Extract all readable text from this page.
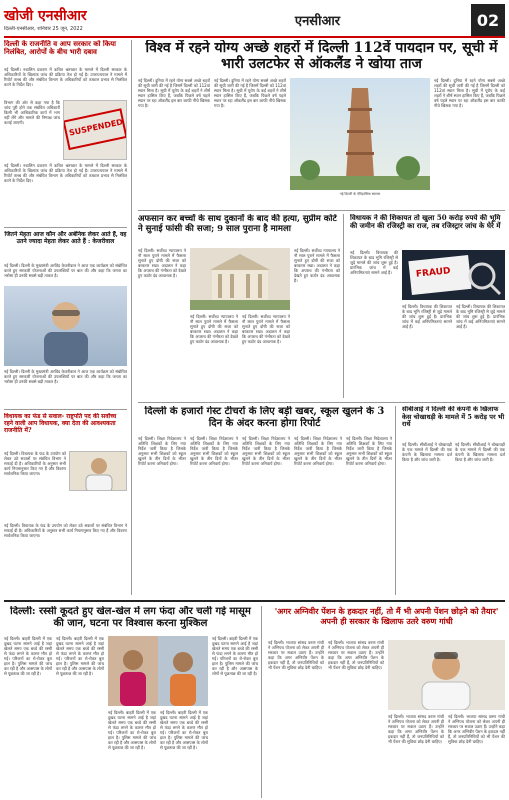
खोजी एनसीआर
दिल्ली-एनसीआर, शनिवार 25 जून, 2022	एनसीआर	02
दिल्ली के राजनीति व आप सरकार को किया निलंबित, आरोपों के बीच भारी दबाव
नई दिल्ली। नबालिग प्रकरण में कथित भ्रष्टाचार के मामले में दिल्ली सरकार के अधिकारियों के खिलाफ जांच की प्रक्रिया तेज हो गई है। उपराज्यपाल ने मामले में रिपोर्ट तलब की और संबंधित विभाग के अधिकारियों को तत्काल प्रभाव से निलंबित करने के निर्देश दिए।
विभाग की ओर से कहा गया है कि जांच पूरी होने तक संबंधित अधिकारी किसी भी आधिकारिक कार्य में भाग नहीं लेंगे और मामले की निष्पक्ष जांच कराई जाएगी।	SUSPENDED
नई दिल्ली। नबालिग प्रकरण में कथित भ्रष्टाचार के मामले में दिल्ली सरकार के अधिकारियों के खिलाफ जांच की प्रक्रिया तेज हो गई है। उपराज्यपाल ने मामले में रिपोर्ट तलब की और संबंधित विभाग के अधिकारियों को तत्काल प्रभाव से निलंबित करने के निर्देश दिए।
जितने मेहता आज कौन और अर्बनिक लेकर आते हैं, वह उतने ज्यादा मेहता लेकर आते हैं : केजरीवाल
नई दिल्ली। दिल्ली के मुख्यमंत्री अरविंद केजरीवाल ने आज एक कार्यक्रम को संबोधित करते हुए सरकारी योजनाओं की उपलब्धियों पर बात की और कहा कि जनता का भरोसा ही उनकी सबसे बड़ी ताकत है।
नई दिल्ली। दिल्ली के मुख्यमंत्री अरविंद केजरीवाल ने आज एक कार्यक्रम को संबोधित करते हुए सरकारी योजनाओं की उपलब्धियों पर बात की और कहा कि जनता का भरोसा ही उनकी सबसे बड़ी ताकत है।
विधायक का फंड से सवाल- राष्ट्रपति पद की सर्वोच्च रहने वाली आप विधायक, क्या देता की आवश्यकता राजनीति में?
नई दिल्ली। विधायक के फंड के उपयोग को लेकर उठे सवालों पर संबंधित विभाग ने सफाई दी है। अधिकारियों के अनुसार सभी कार्य नियमानुसार किए गए हैं और विवरण सार्वजनिक किया जाएगा।
नई दिल्ली। विधायक के फंड के उपयोग को लेकर उठे सवालों पर संबंधित विभाग ने सफाई दी है। अधिकारियों के अनुसार सभी कार्य नियमानुसार किए गए हैं और विवरण सार्वजनिक किया जाएगा।
विश्व में रहने योग्य अच्छे शहरों में दिल्ली 112वें पायदान पर, सूची में भारी उलटफेर से ऑकलैंड ने खोया ताज
नई दिल्ली। दुनिया में रहने योग्य सबसे अच्छे शहरों की सूची जारी की गई है जिसमें दिल्ली को 112वां स्थान मिला है। सूची में यूरोप के कई शहरों ने शीर्ष स्थान हासिल किए हैं, जबकि पिछले वर्ष पहले स्थान पर रहा ऑकलैंड इस बार काफी नीचे खिसक गया है।
नई दिल्ली। दुनिया में रहने योग्य सबसे अच्छे शहरों की सूची जारी की गई है जिसमें दिल्ली को 112वां स्थान मिला है। सूची में यूरोप के कई शहरों ने शीर्ष स्थान हासिल किए हैं, जबकि पिछले वर्ष पहले स्थान पर रहा ऑकलैंड इस बार काफी नीचे खिसक गया है।
नई दिल्ली के ऐतिहासिक स्मारक
नई दिल्ली। दुनिया में रहने योग्य सबसे अच्छे शहरों की सूची जारी की गई है जिसमें दिल्ली को 112वां स्थान मिला है। सूची में यूरोप के कई शहरों ने शीर्ष स्थान हासिल किए हैं, जबकि पिछले वर्ष पहले स्थान पर रहा ऑकलैंड इस बार काफी नीचे खिसक गया है।
अफसान कर बच्चों के साथ दुकानों के बाद की हत्या, सुप्रीम कोर्ट ने सुनाई फांसी की सजा; 9 साल पुराना है मामला
नई दिल्ली। सर्वोच्च न्यायालय ने नौ साल पुराने मामले में फैसला सुनाते हुए दोषी की सजा को बरकरार रखा। अदालत ने कहा कि अपराध की गंभीरता को देखते हुए कठोर दंड आवश्यक है।
नई दिल्ली। सर्वोच्च न्यायालय ने नौ साल पुराने मामले में फैसला सुनाते हुए दोषी की सजा को बरकरार रखा। अदालत ने कहा कि अपराध की गंभीरता को देखते हुए कठोर दंड आवश्यक है।
नई दिल्ली। सर्वोच्च न्यायालय ने नौ साल पुराने मामले में फैसला सुनाते हुए दोषी की सजा को बरकरार रखा। अदालत ने कहा कि अपराध की गंभीरता को देखते हुए कठोर दंड आवश्यक है।
नई दिल्ली। सर्वोच्च न्यायालय ने नौ साल पुराने मामले में फैसला सुनाते हुए दोषी की सजा को बरकरार रखा। अदालत ने कहा कि अपराध की गंभीरता को देखते हुए कठोर दंड आवश्यक है।
विधायक ने की शिकायत तो खुला 50 करोड़ रुपये की भूमि की जमीन की रजिस्ट्री का राज, तब रजिस्ट्रार जांच के घेरे में
नई दिल्ली। विधायक की शिकायत के बाद भूमि रजिस्ट्री से जुड़े मामले की जांच शुरू हुई है। प्रारंभिक जांच में कई अनियमितताएं सामने आई हैं।	FRAUD
नई दिल्ली। विधायक की शिकायत के बाद भूमि रजिस्ट्री से जुड़े मामले की जांच शुरू हुई है। प्रारंभिक जांच में कई अनियमितताएं सामने आई हैं।
नई दिल्ली। विधायक की शिकायत के बाद भूमि रजिस्ट्री से जुड़े मामले की जांच शुरू हुई है। प्रारंभिक जांच में कई अनियमितताएं सामने आई हैं।
दिल्ली के हजारों गेस्ट टीचरों के लिए बड़ी खबर, स्कूल खुलने के 3 दिन के अंदर करना होगा रिपोर्ट
नई दिल्ली। शिक्षा निदेशालय ने अतिथि शिक्षकों के लिए नया निर्देश जारी किया है जिसके अनुसार सभी शिक्षकों को स्कूल खुलने के तीन दिनों के भीतर रिपोर्ट करना अनिवार्य होगा।
नई दिल्ली। शिक्षा निदेशालय ने अतिथि शिक्षकों के लिए नया निर्देश जारी किया है जिसके अनुसार सभी शिक्षकों को स्कूल खुलने के तीन दिनों के भीतर रिपोर्ट करना अनिवार्य होगा।
नई दिल्ली। शिक्षा निदेशालय ने अतिथि शिक्षकों के लिए नया निर्देश जारी किया है जिसके अनुसार सभी शिक्षकों को स्कूल खुलने के तीन दिनों के भीतर रिपोर्ट करना अनिवार्य होगा।
नई दिल्ली। शिक्षा निदेशालय ने अतिथि शिक्षकों के लिए नया निर्देश जारी किया है जिसके अनुसार सभी शिक्षकों को स्कूल खुलने के तीन दिनों के भीतर रिपोर्ट करना अनिवार्य होगा।
नई दिल्ली। शिक्षा निदेशालय ने अतिथि शिक्षकों के लिए नया निर्देश जारी किया है जिसके अनुसार सभी शिक्षकों को स्कूल खुलने के तीन दिनों के भीतर रिपोर्ट करना अनिवार्य होगा।
सीबीआई ने दिल्ली की कंपनी के खिलाफ केस चोखाधड़ी के मामले में 5 करोड़ पर भी रार्थे
नई दिल्ली। सीबीआई ने धोखाधड़ी के एक मामले में दिल्ली की एक कंपनी के खिलाफ मामला दर्ज किया है और जांच जारी है।
नई दिल्ली। सीबीआई ने धोखाधड़ी के एक मामले में दिल्ली की एक कंपनी के खिलाफ मामला दर्ज किया है और जांच जारी है।
दिल्ली: रस्सी कूदते हुए खेल-खेल में लग फंदा और चली गई मासूम की जान, घटना पर विश्वास करना मुश्किल
नई दिल्ली। बाहरी दिल्ली में एक दुखद घटना सामने आई है जहां खेलते समय एक बच्चे की रस्सी से फंदा लगने के कारण मौत हो गई। परिजनों का रो-रोकर बुरा हाल है। पुलिस मामले की जांच कर रही है और आसपास के लोगों से पूछताछ की जा रही है।
नई दिल्ली। बाहरी दिल्ली में एक दुखद घटना सामने आई है जहां खेलते समय एक बच्चे की रस्सी से फंदा लगने के कारण मौत हो गई। परिजनों का रो-रोकर बुरा हाल है। पुलिस मामले की जांच कर रही है और आसपास के लोगों से पूछताछ की जा रही है।
नई दिल्ली। बाहरी दिल्ली में एक दुखद घटना सामने आई है जहां खेलते समय एक बच्चे की रस्सी से फंदा लगने के कारण मौत हो गई। परिजनों का रो-रोकर बुरा हाल है। पुलिस मामले की जांच कर रही है और आसपास के लोगों से पूछताछ की जा रही है।
नई दिल्ली। बाहरी दिल्ली में एक दुखद घटना सामने आई है जहां खेलते समय एक बच्चे की रस्सी से फंदा लगने के कारण मौत हो गई। परिजनों का रो-रोकर बुरा हाल है। पुलिस मामले की जांच कर रही है और आसपास के लोगों से पूछताछ की जा रही है।
नई दिल्ली। बाहरी दिल्ली में एक दुखद घटना सामने आई है जहां खेलते समय एक बच्चे की रस्सी से फंदा लगने के कारण मौत हो गई। परिजनों का रो-रोकर बुरा हाल है। पुलिस मामले की जांच कर रही है और आसपास के लोगों से पूछताछ की जा रही है।
'अगर अग्निवीर पेंशन के हकदार नहीं, तो मैं भी अपनी पेंशन छोड़ने को तैयार' अपनी ही सरकार के खिलाफ उतरे वरुण गांधी
नई दिल्ली। भाजपा सांसद वरुण गांधी ने अग्निपथ योजना को लेकर अपनी ही सरकार पर सवाल उठाए हैं। उन्होंने कहा कि अगर अग्निवीर पेंशन के हकदार नहीं हैं, तो जनप्रतिनिधियों को भी पेंशन की सुविधा छोड़ देनी चाहिए।
नई दिल्ली। भाजपा सांसद वरुण गांधी ने अग्निपथ योजना को लेकर अपनी ही सरकार पर सवाल उठाए हैं। उन्होंने कहा कि अगर अग्निवीर पेंशन के हकदार नहीं हैं, तो जनप्रतिनिधियों को भी पेंशन की सुविधा छोड़ देनी चाहिए।
नई दिल्ली। भाजपा सांसद वरुण गांधी ने अग्निपथ योजना को लेकर अपनी ही सरकार पर सवाल उठाए हैं। उन्होंने कहा कि अगर अग्निवीर पेंशन के हकदार नहीं हैं, तो जनप्रतिनिधियों को भी पेंशन की सुविधा छोड़ देनी चाहिए।
नई दिल्ली। भाजपा सांसद वरुण गांधी ने अग्निपथ योजना को लेकर अपनी ही सरकार पर सवाल उठाए हैं। उन्होंने कहा कि अगर अग्निवीर पेंशन के हकदार नहीं हैं, तो जनप्रतिनिधियों को भी पेंशन की सुविधा छोड़ देनी चाहिए।
